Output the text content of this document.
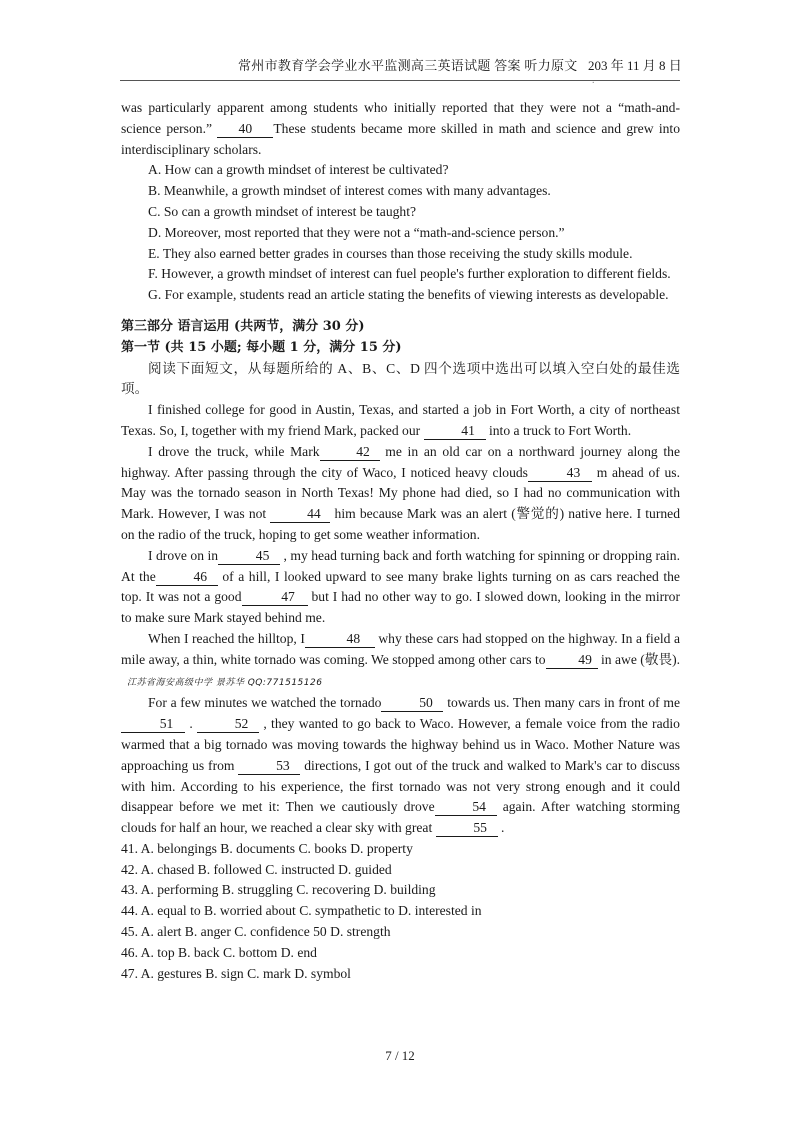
常州市教育学会学业水平监测高三英语试题 答案 听力原文 203 年 11 月 8 日
.

was particularly apparent among students who initially reported that they were not a “math-and-science person.” 40 These students became more skilled in math and science and grew into interdisciplinary scholars.

A. How can a growth mindset of interest be cultivated?

B. Meanwhile, a growth mindset of interest comes with many advantages.

C. So can a growth mindset of interest be taught?

D. Moreover, most reported that they were not a “math-and-science person.”

E. They also earned better grades in courses than those receiving the study skills module.

F. However, a growth mindset of interest can fuel people's further exploration to different fields.

G. For example, students read an article stating the benefits of viewing interests as developable.

第三部分 语言运用 (共两节，满分 30 分)

第一节 (共 15 小题; 每小题 1 分，满分 15 分)

阅读下面短文，从每题所给的 A、B、C、D 四个选项中选出可以填入空白处的最佳选项。

I finished college for good in Austin, Texas, and started a job in Fort Worth, a city of northeast Texas. So, I, together with my friend Mark, packed our	41 into a truck to Fort Worth.

I drove the truck, while Mark	42 me in an old car on a northward journey along the highway. After passing through the city of Waco, I noticed heavy clouds	43 m ahead of us. May was the tornado season in North Texas! My phone had died, so I had no communication with Mark. However, I was not	44 him because Mark was an alert (警觉的) native here. I turned on the radio of the truck, hoping to get some weather information.

I drove on in	45 , my head turning back and forth watching for spinning or dropping rain. At the	46 of a hill, I looked upward to see many brake lights turning on as cars reached the top. It was not a good	47 but I had no other way to go. I slowed down, looking in the mirror to make sure Mark stayed behind me.

When I reached the hilltop, I	48 why these cars had stopped on the highway. In a field a mile away, a thin, white tornado was coming. We stopped among other cars to 49 in awe (敬畏).江苏省海安高级中学 景苏华 QQ:771515126

For a few minutes we watched the tornado	50 towards us. Then many cars in front of me51 .	52 , they wanted to go back to Waco. However, a female voice from the radio warmed that a big tornado was moving towards the highway behind us in Waco. Mother Nature was approaching us from	53 directions, I got out of the truck and walked to Mark's car to discuss with him. According to his experience, the first tornado was not very strong enough and it could disappear before we met it: Then we cautiously drove	54 again. After watching storming clouds for half an hour, we reached a clear sky with great	55 .

41. A. belongings B. documents C. books D. property

42. A. chased B. followed C. instructed D. guided

43. A. performing B. struggling C. recovering D. building

44. A. equal to B. worried about C. sympathetic to D. interested in

45. A. alert B. anger C. confidence 50 D. strength

46. A. top B. back C. bottom D. end

47. A. gestures B. sign C. mark D. symbol

7 / 12
